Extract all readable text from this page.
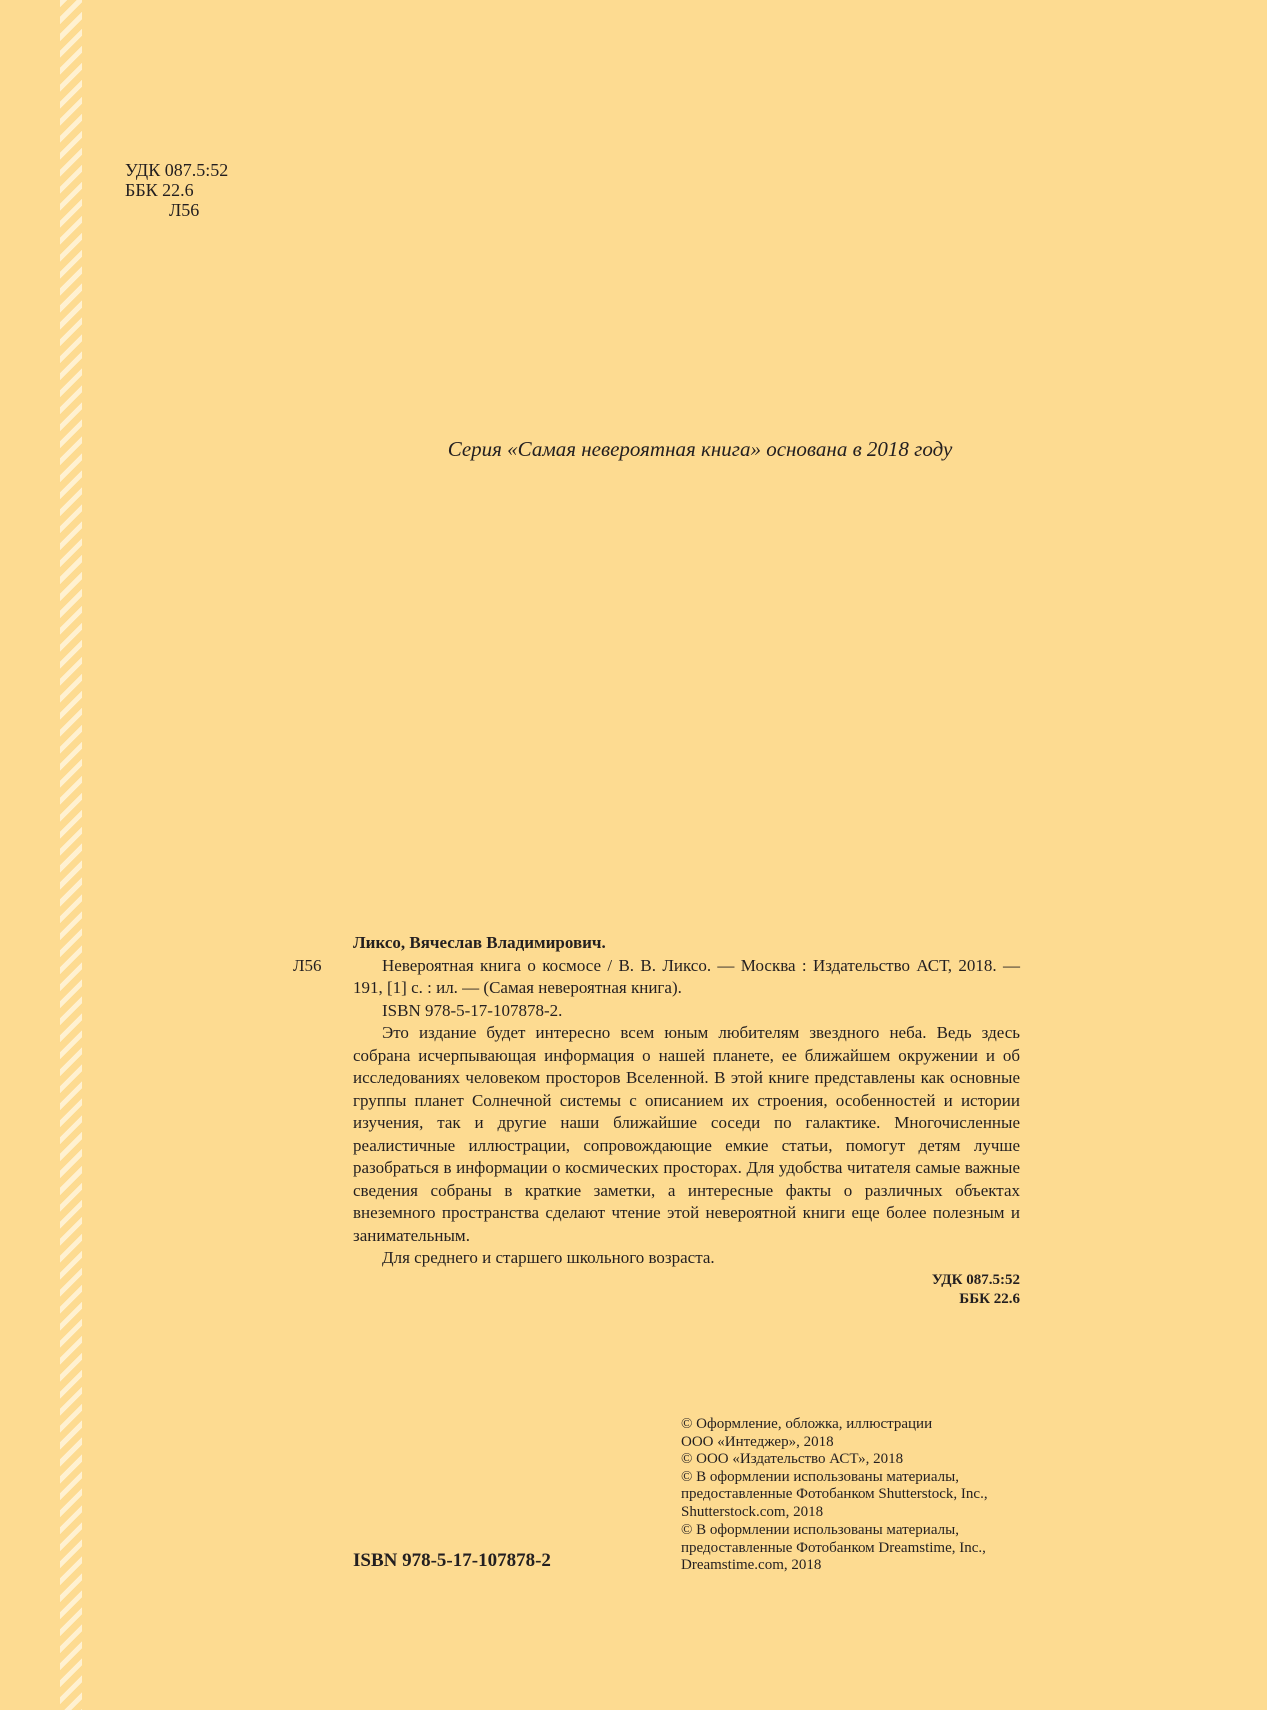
УДК 087.5:52
ББК 22.6
Л56
Серия «Самая невероятная книга» основана в 2018 году
Ликсо, Вячеслав Владимирович.
Л56	Невероятная книга о космосе / В. В. Ликсо. — Москва : Издательство АСТ, 2018. — 191, [1] с. : ил. — (Самая невероятная книга).
ISBN 978-5-17-107878-2.
Это издание будет интересно всем юным любителям звездного неба. Ведь здесь собрана исчерпывающая информация о нашей планете, ее ближайшем окружении и об исследованиях человеком просторов Вселенной. В этой книге представлены как основные группы планет Солнечной системы с описанием их строения, особенностей и истории изучения, так и другие наши ближайшие соседи по галактике. Многочисленные реалистичные иллюстрации, сопровождающие емкие статьи, помогут детям лучше разобраться в информации о космических просторах. Для удобства читателя самые важные сведения собраны в краткие заметки, а интересные факты о различных объектах внеземного пространства сделают чтение этой невероятной книги еще более полезным и занимательным.
Для среднего и старшего школьного возраста.
УДК 087.5:52
ББК 22.6
© Оформление, обложка, иллюстрации
ООО «Интеджер», 2018
© ООО «Издательство АСТ», 2018
© В оформлении использованы материалы,
предоставленные Фотобанком Shutterstock, Inc.,
Shutterstock.com, 2018
© В оформлении использованы материалы,
предоставленные Фотобанком Dreamstime, Inc.,
Dreamstime.com, 2018
ISBN 978-5-17-107878-2
